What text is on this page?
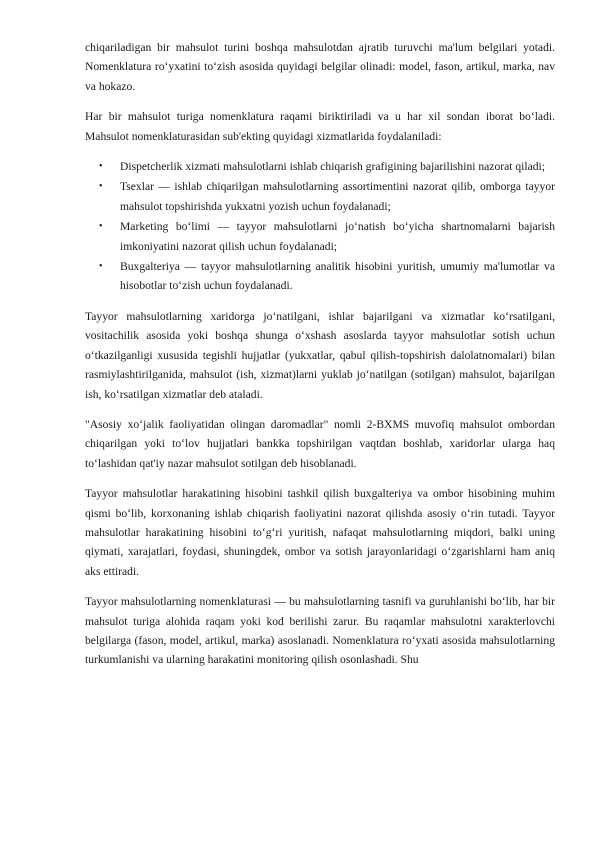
chiqariladigan bir mahsulot turini boshqa mahsulotdan ajratib turuvchi ma'lum belgilari yotadi. Nomenklatura ro‘yxatini to‘zish asosida quyidagi belgilar olinadi: model, fason, artikul, marka, nav va hokazo.

Har bir mahsulot turiga nomenklatura raqami biriktiriladi va u har xil sondan iborat bo‘ladi. Mahsulot nomenklaturasidan sub'ekting quyidagi xizmatlarida foydalaniladi:

• Dispetcherlik xizmati mahsulotlarni ishlab chiqarish grafigining bajarilishini nazorat qiladi;
• Tsexlar — ishlab chiqarilgan mahsulotlarning assortimentini nazorat qilib, omborga tayyor mahsulot topshirishda yukxatni yozish uchun foydalanadi;
• Marketing bo‘limi — tayyor mahsulotlarni jo‘natish bo‘yicha shartnomalarni bajarish imkoniyatini nazorat qilish uchun foydalanadi;
• Buxgalteriya — tayyor mahsulotlarning analitik hisobini yuritish, umumiy ma'lumotlar va hisobotlar to‘zish uchun foydalanadi.

Tayyor mahsulotlarning xaridorga jo‘natilgani, ishlar bajarilgani va xizmatlar ko‘rsatilgani, vositachilik asosida yoki boshqa shunga o‘xshash asoslarda tayyor mahsulotlar sotish uchun o‘tkazilganligi xususida tegishli hujjatlar (yukxatlar, qabul qilish-topshirish dalolatnomalari) bilan rasmiylashtirilganida, mahsulot (ish, xizmat)larni yuklab jo‘natilgan (sotilgan) mahsulot, bajarilgan ish, ko‘rsatilgan xizmatlar deb ataladi.

"Asosiy xo‘jalik faoliyatidan olingan daromadlar" nomli 2-BXMS muvofiq mahsulot ombordan chiqarilgan yoki to‘lov hujjatlari bankka topshirilgan vaqtdan boshlab, xaridorlar ularga haq to‘lashidan qat'iy nazar mahsulot sotilgan deb hisoblanadi.

Tayyor mahsulotlar harakatining hisobini tashkil qilish buxgalteriya va ombor hisobining muhim qismi bo‘lib, korxonaning ishlab chiqarish faoliyatini nazorat qilishda asosiy o‘rin tutadi. Tayyor mahsulotlar harakatining hisobini to‘g‘ri yuritish, nafaqat mahsulotlarning miqdori, balki uning qiymati, xarajatlari, foydasi, shuningdek, ombor va sotish jarayonlaridagi o‘zgarishlarni ham aniq aks ettiradi.

Tayyor mahsulotlarning nomenklaturasi — bu mahsulotlarning tasnifi va guruhlanishi bo‘lib, har bir mahsulot turiga alohida raqam yoki kod berilishi zarur. Bu raqamlar mahsulotni xarakterlovchi belgilarga (fason, model, artikul, marka) asoslanadi. Nomenklatura ro‘yxati asosida mahsulotlarning turkumlanishi va ularning harakatini monitoring qilish osonlashadi. Shu
